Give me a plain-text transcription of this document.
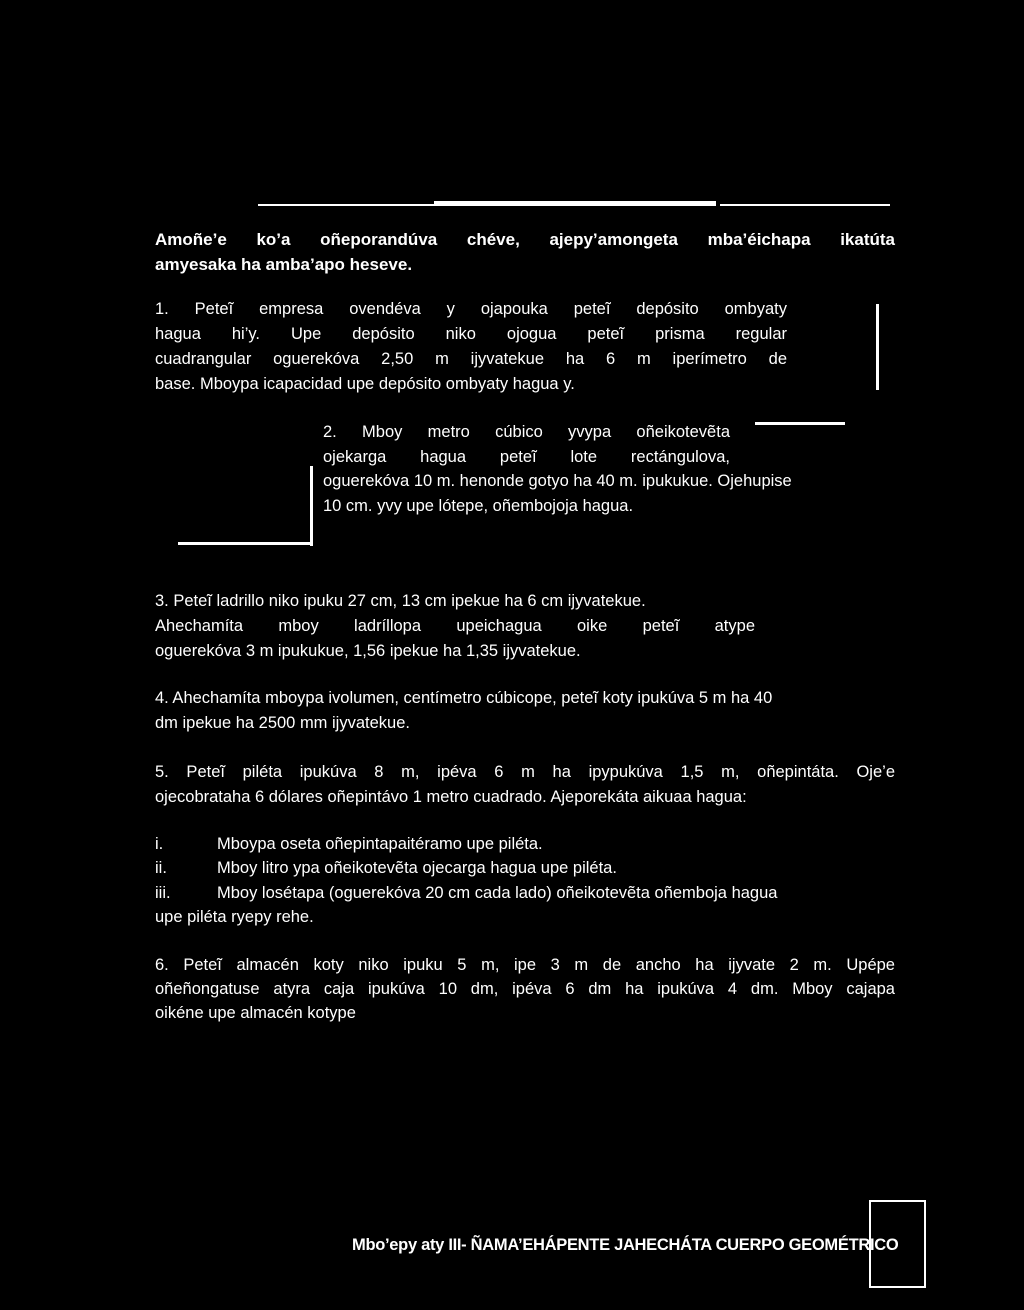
Amoñe’e ko’a oñeporandúva chéve, ajepy’amongeta mba’éichapa ikatúta
amyesaka ha amba’apo heseve.
1. Peteĩ empresa ovendéva y ojapouka peteĩ depósito ombyaty
hagua hi’y. Upe depósito niko ojogua peteĩ prisma regular
cuadrangular oguerekóva 2,50 m ijyvatekue ha 6 m iperímetro de
base. Mboypa icapacidad upe depósito ombyaty hagua y.
2. Mboy metro cúbico yvypa oñeikotevẽta
ojekarga hagua peteĩ lote rectángulova,
oguerekóva 10 m. henonde gotyo ha 40 m. ipukukue. Ojehupise
10 cm. yvy upe lótepe, oñembojoja hagua.
3. Peteĩ ladrillo niko ipuku 27 cm, 13 cm ipekue ha 6 cm ijyvatekue.
Ahechamíta mboy ladríllopa upeichagua oike peteĩ atype
oguerekóva 3 m ipukukue, 1,56 ipekue ha 1,35 ijyvatekue.
4. Ahechamíta mboypa ivolumen, centímetro cúbicope, peteĩ koty ipukúva 5 m ha 40
dm ipekue ha 2500 mm ijyvatekue.
5. Peteĩ piléta ipukúva 8 m, ipéva 6 m ha ipypukúva 1,5 m, oñepintáta. Oje’e
ojecobrataha 6 dólares oñepintávo 1 metro cuadrado. Ajeporekáta aikuaa hagua:
i.	Mboypa oseta oñepintapaitéramo upe piléta.
ii.	Mboy litro ypa oñeikotevẽta ojecarga hagua upe piléta.
iii.	Mboy losétapa (oguerekóva 20 cm cada lado) oñeikotevẽta oñemboja hagua
upe piléta ryepy rehe.
6. Peteĩ almacén koty niko ipuku 5 m, ipe 3 m de ancho ha ijyvate 2 m. Upépe
oñeñongatuse atyra caja ipukúva 10 dm, ipéva 6 dm ha ipukúva 4 dm. Mboy cajapa
oikéne upe almacén kotype
Mbo’epy aty III- ÑAMA’EHÁPENTE JAHECHÁTA CUERPO GEOMÉTRICO
